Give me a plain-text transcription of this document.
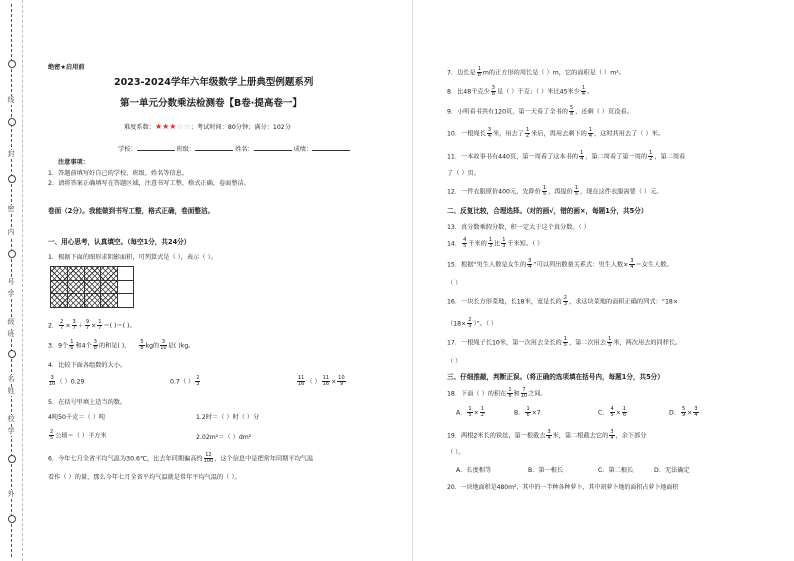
线
封
密
内
号
学
级
班
名
姓
校
学
外
绝密★启用前
2023-2024学年六年级数学上册典型例题系列
第一单元分数乘法检测卷【B卷·提高卷一】
难度系数：★★★☆☆；考试时间：80分钟；满分：102分
学校：	班级：	姓名：	成绩：
注意事项：
1．答题前填写好自己的学校、班级、姓名等信息。
2．请将答案正确填写在答题区域，注意书写工整，格式正确，卷面整洁。
卷面（2分）。我能做到书写工整，格式正确，卷面整洁。
一、用心思考，认真填空。（每空1分，共24分）
1．根据下面的图形求阴影面积，可列算式是（ ），表示（ ）。
2． $\frac{2}{7} \times \frac{3}{7} + \frac{9}{7} \times \frac{1}{7}$ ＝( )＝( )。
3．9个 $\frac{1}{6}$ 和4个 $\frac{3}{8}$ 的和是( )， $\frac{5}{8}$ kg的 $\frac{3}{10}$ 是( )kg。
4．比较下面各组数的大小。
$\frac{3}{10}$ （ ）0.29	0.7（ ） $\frac{2}{3}$	$\frac{11}{16}$ （ ） $\frac{11}{16} \times \frac{10}{9}$
5．在括号里填上适当的数。
4吨50千克＝（ ）吨	1.2时＝（ ）时（ ）分
$\frac{2}{5}$ 公顷＝（ ）平方米	2.02m²＝（ ）dm²
6．今年七月全省平均气温为30.6℃，比去年同期偏高约 $\frac{12}{100}$ ，这个信息中是把常年同期平均气温
看作（ ）的量，那么今年七月全省平均气温就是常年平均气温的（ ）。
7．边长是 $\frac{1}{8}$ m的正方形的周长是（ ）m，它的面积是（ ）m²。
8．比48千克少 $\frac{3}{8}$ 是（ ）千克；（ ）米比45米少 $\frac{1}{4}$ 。
9．小明看书共有120页，第一天看了全书的 $\frac{5}{8}$ ，还剩（ ）页没看。
10．一根绳长 $\frac{3}{4}$ 米，用去了 $\frac{1}{2}$ 米后，再用去剩下的 $\frac{1}{4}$ ，这时共用去了（ ）米。
11．一本故事书有440页，第一周看了这本书的 $\frac{1}{4}$ ，第二周看了第一周的 $\frac{1}{2}$ ，第二周看
了（ ）页。
12．一件衣服原价400元，先降价 $\frac{1}{5}$ ，再提价 $\frac{1}{5}$ ，现在这件衣服需要（ ）元。
二、反复比较，合理选择。（对的画√，错的画×，每题1分，共5分）
13．真分数乘假分数，积一定大于这个真分数。（ ）
14． $\frac{4}{5}$ 千米的 $\frac{1}{3}$ 比 $\frac{1}{3}$ 千米短。（ ）
15．根据“男生人数是女生的 $\frac{3}{4}$ ”可以列出数量关系式：男生人数× $\frac{3}{4}$ ＝女生人数。
（ ）
16．一块长方形菜地，长18米，宽是长的 $\frac{2}{3}$ ，求这块菜地的面积正确的列式：“18×
（$18\times \frac{2}{3}$ ）”。（ ）
17．一根绳子长10米，第一次用去全长的 $\frac{1}{5}$ ，第二次用去 $\frac{1}{5}$ 米，两次用去的同样长。
（ ）
三、仔细推敲，判断正误。（将正确的选项填在括号内，每题1分，共5分）
18．下面（ ）的积在 $\frac{1}{8}$ 和 $\frac{7}{10}$ 之间。
A． $\frac{1}{5} \times \frac{1}{2}$	B． $\frac{1}{6} \times 7$	C． $\frac{4}{5} \times \frac{1}{6}$	D． $\frac{5}{9} \times \frac{3}{4}$
19．两根2米长的铁丝，第一根截去 $\frac{3}{4}$ 米，第二根截去它的 $\frac{3}{4}$ ，余下部分
（ ）。
A．长度相等	B．第一根长	C．第二根长	D．无法确定
20．一块地面积是480m²，其中的一半种各种萝卜，其中胡萝卜地的面积占萝卜地面积
